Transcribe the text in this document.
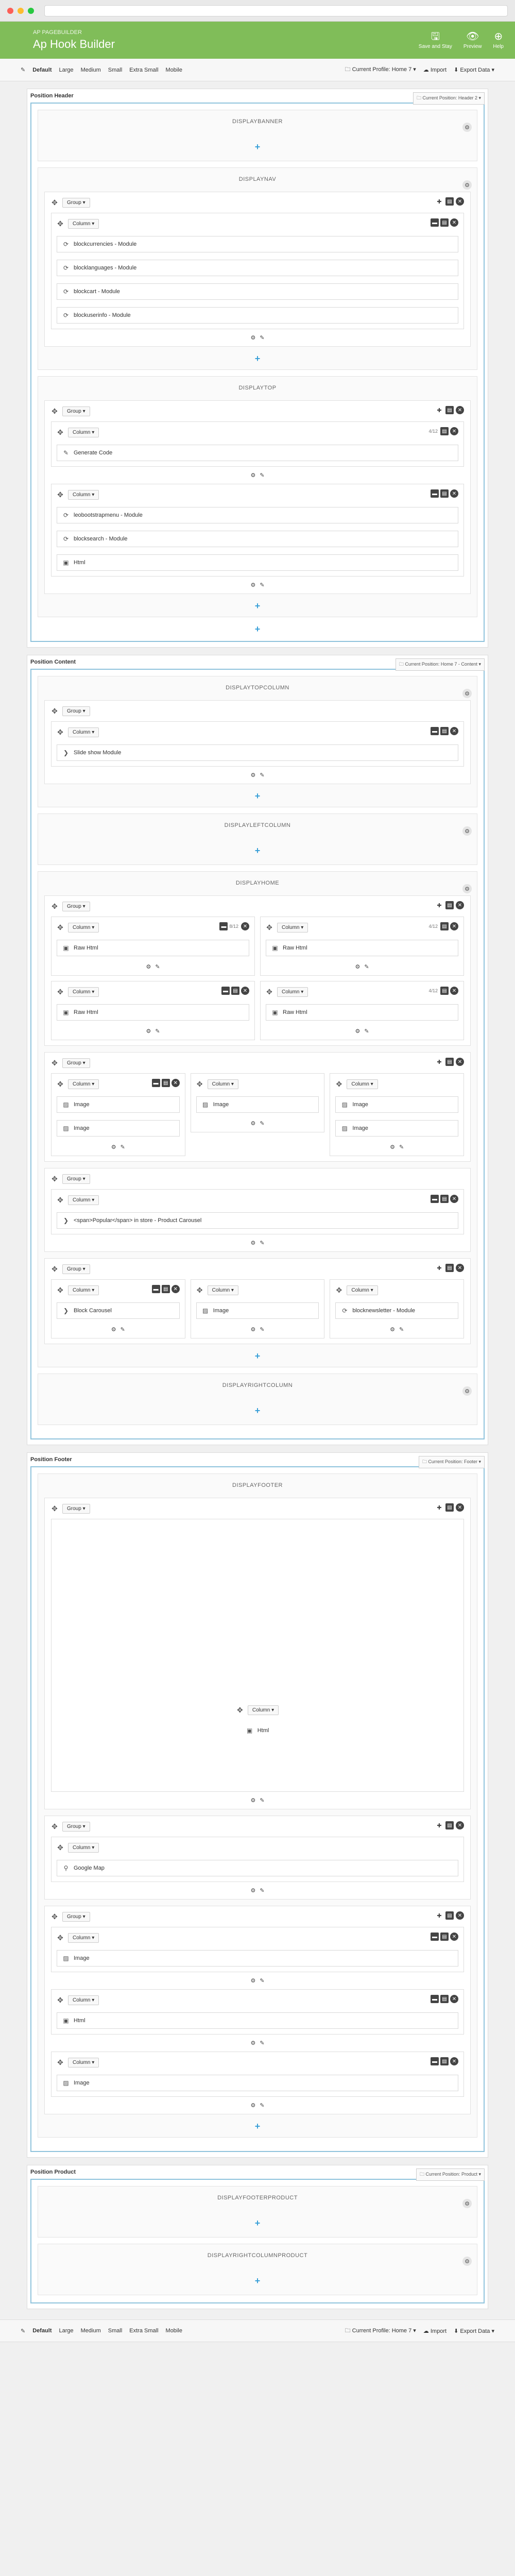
AP PAGEBUILDER
Ap Hook Builder
🖫
Save and Stay
👁
Preview
⊕
Help
✎ Default Large Medium Small Extra Small Mobile	🗀 Current Profile: Home 7 ▾ ☁ Import ⬇ Export Data ▾
Position Header	🗀 Current Position: Header 2 ▾
DISPLAYBANNER
⚙
+
DISPLAYNAV
⚙
✥	Group ▾	✚	▤	✕
✥	Column ▾	▬ ▤	✕
⟳ blockcurrencies - Module
⟳ blocklanguages - Module
⟳ blockcart - Module
⟳ blockuserinfo - Module
⚙ ✎
+
DISPLAYTOP
✥	Group ▾	✚	▤	✕
✥	Column ▾	4/12 ▤	✕
✎ Generate Code
⚙ ✎
✥	Column ▾	▬ ▤	✕
⟳ leobootstrapmenu - Module
⟳ blocksearch - Module
▣ Html
⚙ ✎
+
+
Position Content	🗀 Current Position: Home 7 - Content ▾
DISPLAYTOPCOLUMN
⚙
✥	Group ▾
✥	Column ▾	▬ ▤	✕
❯ Slide show Module
⚙ ✎
+
DISPLAYLEFTCOLUMN
⚙
+
DISPLAYHOME
⚙
✥	Group ▾	✚	▤	✕
✥	Column ▾	▬ 8/12 ✕
▣ Raw Html
⚙ ✎
✥	Column ▾	4/12 ▤	✕
▣ Raw Html
⚙ ✎
✥	Column ▾	▬ ▤	✕
▣ Raw Html
⚙ ✎
✥	Column ▾	4/12 ▤	✕
▣ Raw Html
⚙ ✎
✥	Group ▾	✚	▤	✕
✥	Column ▾	▬ ▤	✕
▨ Image
▨ Image
⚙ ✎
✥	Column ▾
▨ Image
⚙ ✎
✥	Column ▾
▨ Image
▨ Image
⚙ ✎
✥	Group ▾
✥	Column ▾	▬ ▤	✕
❯ <span>Popular</span> in store - Product Carousel
⚙ ✎
✥	Group ▾	✚	▤	✕
✥	Column ▾	▬ ▤	✕
❯ Block Carousel
⚙ ✎
✥	Column ▾
▨ Image
⚙ ✎
✥	Column ▾
⟳ blocknewsletter - Module
⚙ ✎
+
DISPLAYRIGHTCOLUMN
⚙
+
Position Footer	🗀 Current Position: Footer ▾
DISPLAYFOOTER
✥	Group ▾	✚	▤	✕
✥	Column ▾
▣ Html
⚙ ✎
✥	Group ▾	✚	▤	✕
✥	Column ▾
⚲ Google Map
⚙ ✎
✥	Group ▾	✚	▤	✕
✥	Column ▾	▬ ▤	✕
▨ Image
⚙ ✎
✥	Column ▾	▬ ▤	✕
▣ Html
⚙ ✎
✥	Column ▾	▬ ▤	✕
▨ Image
⚙ ✎
+
Position Product	🗀 Current Position: Product ▾
DISPLAYFOOTERPRODUCT
⚙
+
DISPLAYRIGHTCOLUMNPRODUCT
⚙
+
✎ Default Large Medium Small Extra Small Mobile	🗀 Current Profile: Home 7 ▾ ☁ Import ⬇ Export Data ▾
